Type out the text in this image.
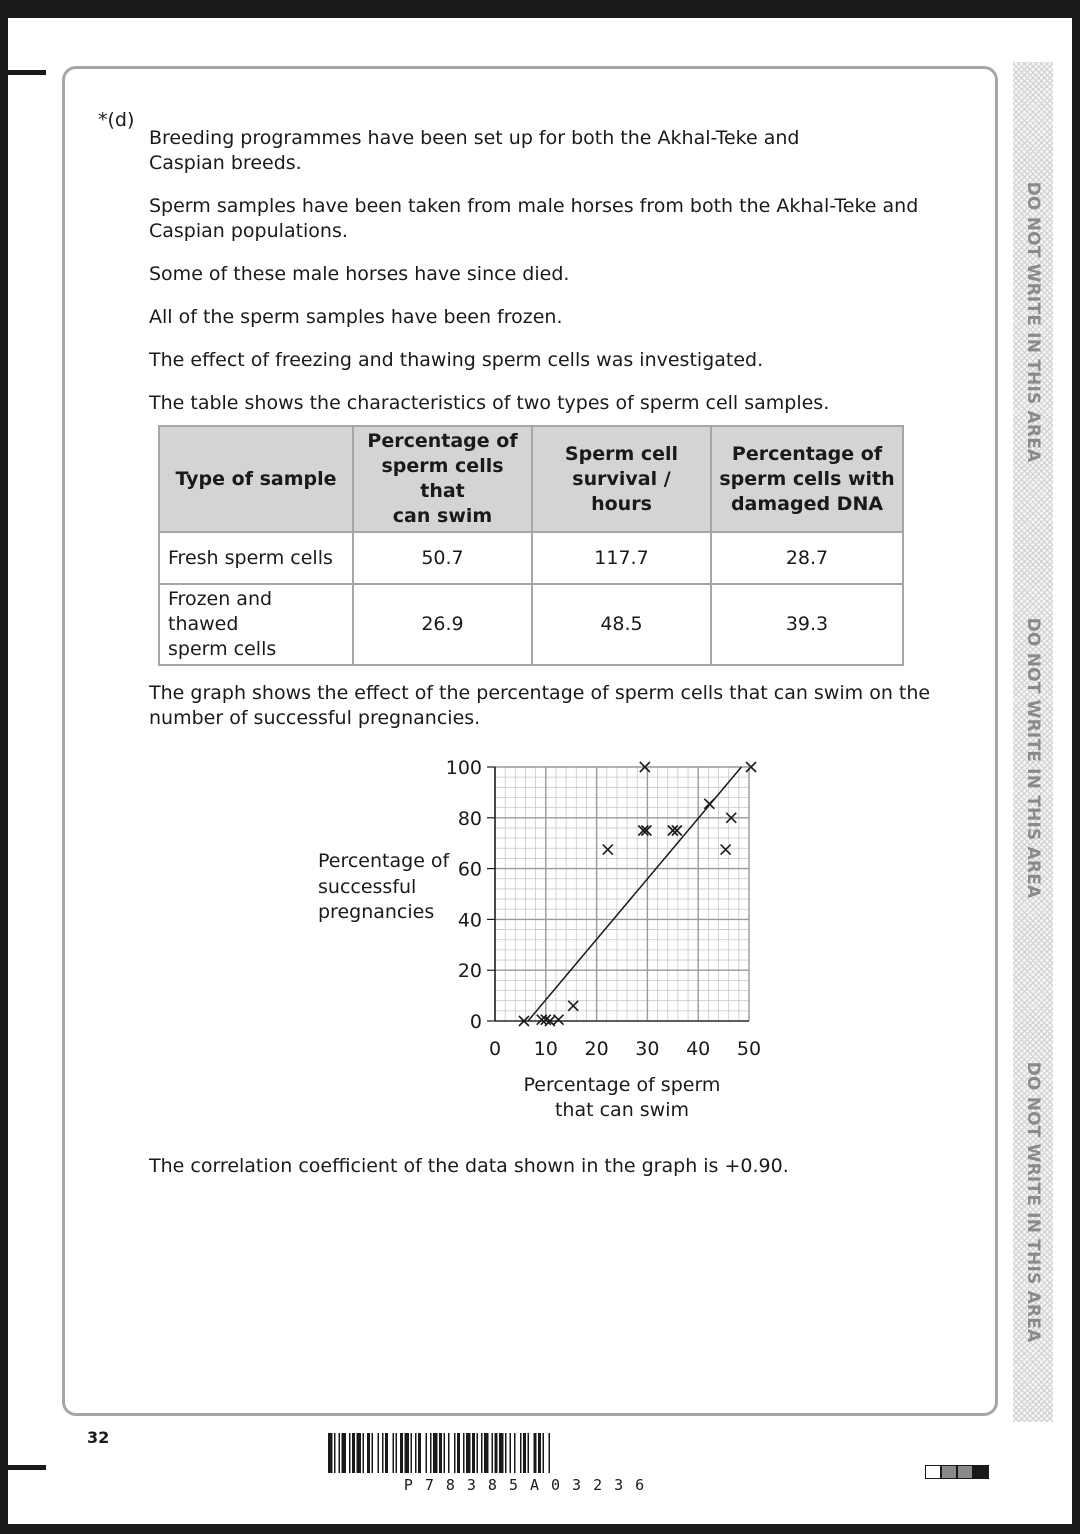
DO NOT WRITE IN THIS AREA
DO NOT WRITE IN THIS AREA
DO NOT WRITE IN THIS AREA
*(d)
Breeding programmes have been set up for both the Akhal-Teke and
Caspian breeds.
Sperm samples have been taken from male horses from both the Akhal-Teke and
Caspian populations.
Some of these male horses have since died.
All of the sperm samples have been frozen.
The effect of freezing and thawing sperm cells was investigated.
The table shows the characteristics of two types of sperm cell samples.
Type of sample	Percentage of
sperm cells that
can swim	Sperm cell
survival / hours	Percentage of
sperm cells with
damaged DNA
Fresh sperm cells	50.7	117.7	28.7
Frozen and thawed
sperm cells	26.9	48.5	39.3
The graph shows the effect of the percentage of sperm cells that can swim on the
number of successful pregnancies.
0
20
40
60
80
100
0 10 20 30 40 50
Percentage of
successful
pregnancies
Percentage of sperm
that can swim
The correlation coefficient of the data shown in the graph is +0.90.
32
P78385A03236
